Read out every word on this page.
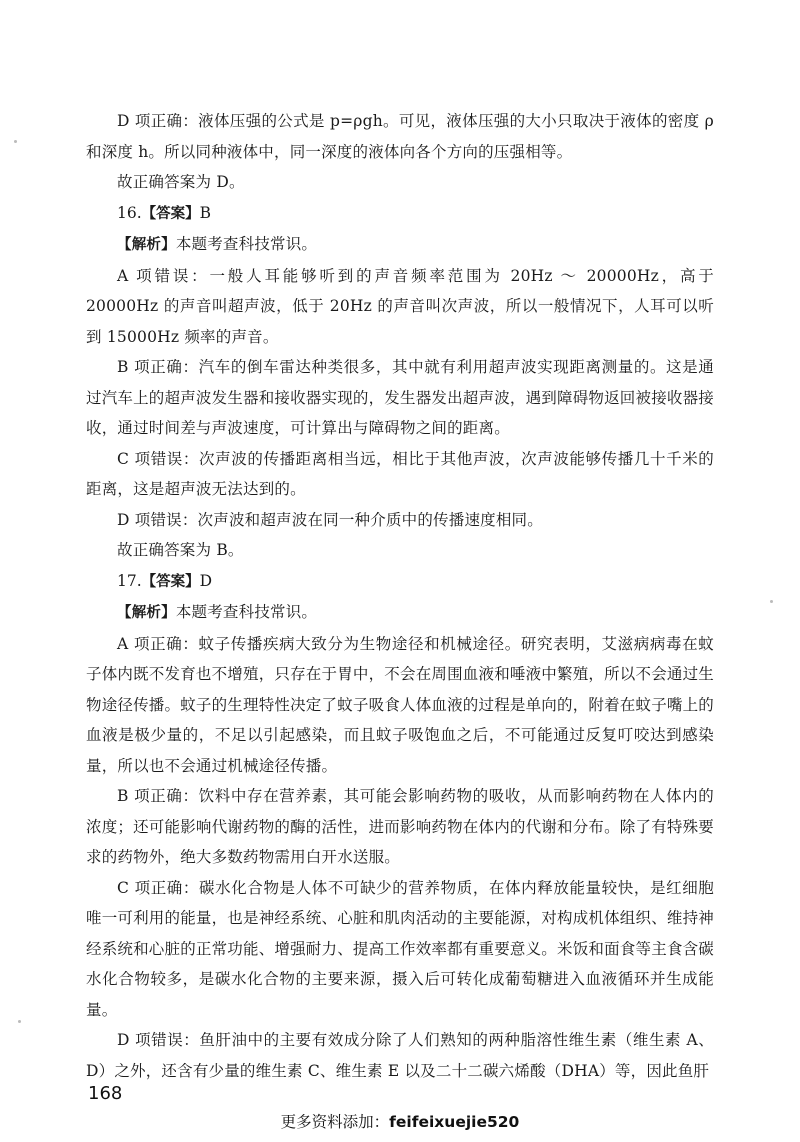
D 项正确：液体压强的公式是 p=ρgh。可见，液体压强的大小只取决于液体的密度 ρ 和深度 h。所以同种液体中，同一深度的液体向各个方向的压强相等。

故正确答案为 D。

16.【答案】B

【解析】本题考查科技常识。

A 项错误：一般人耳能够听到的声音频率范围为 20Hz ～ 20000Hz，高于 20000Hz 的声音叫超声波，低于 20Hz 的声音叫次声波，所以一般情况下，人耳可以听到 15000Hz 频率的声音。

B 项正确：汽车的倒车雷达种类很多，其中就有利用超声波实现距离测量的。这是通过汽车上的超声波发生器和接收器实现的，发生器发出超声波，遇到障碍物返回被接收器接收，通过时间差与声波速度，可计算出与障碍物之间的距离。

C 项错误：次声波的传播距离相当远，相比于其他声波，次声波能够传播几十千米的距离，这是超声波无法达到的。

D 项错误：次声波和超声波在同一种介质中的传播速度相同。

故正确答案为 B。

17.【答案】D

【解析】本题考查科技常识。

A 项正确：蚊子传播疾病大致分为生物途径和机械途径。研究表明，艾滋病病毒在蚊子体内既不发育也不增殖，只存在于胃中，不会在周围血液和唾液中繁殖，所以不会通过生物途径传播。蚊子的生理特性决定了蚊子吸食人体血液的过程是单向的，附着在蚊子嘴上的血液是极少量的，不足以引起感染，而且蚊子吸饱血之后，不可能通过反复叮咬达到感染量，所以也不会通过机械途径传播。

B 项正确：饮料中存在营养素，其可能会影响药物的吸收，从而影响药物在人体内的浓度；还可能影响代谢药物的酶的活性，进而影响药物在体内的代谢和分布。除了有特殊要求的药物外，绝大多数药物需用白开水送服。

C 项正确：碳水化合物是人体不可缺少的营养物质，在体内释放能量较快，是红细胞唯一可利用的能量，也是神经系统、心脏和肌肉活动的主要能源，对构成机体组织、维持神经系统和心脏的正常功能、增强耐力、提高工作效率都有重要意义。米饭和面食等主食含碳水化合物较多，是碳水化合物的主要来源，摄入后可转化成葡萄糖进入血液循环并生成能量。

D 项错误：鱼肝油中的主要有效成分除了人们熟知的两种脂溶性维生素（维生素 A、D）之外，还含有少量的维生素 C、维生素 E 以及二十二碳六烯酸（DHA）等，因此鱼肝

168
更多资料添加：feifeixuejie520
